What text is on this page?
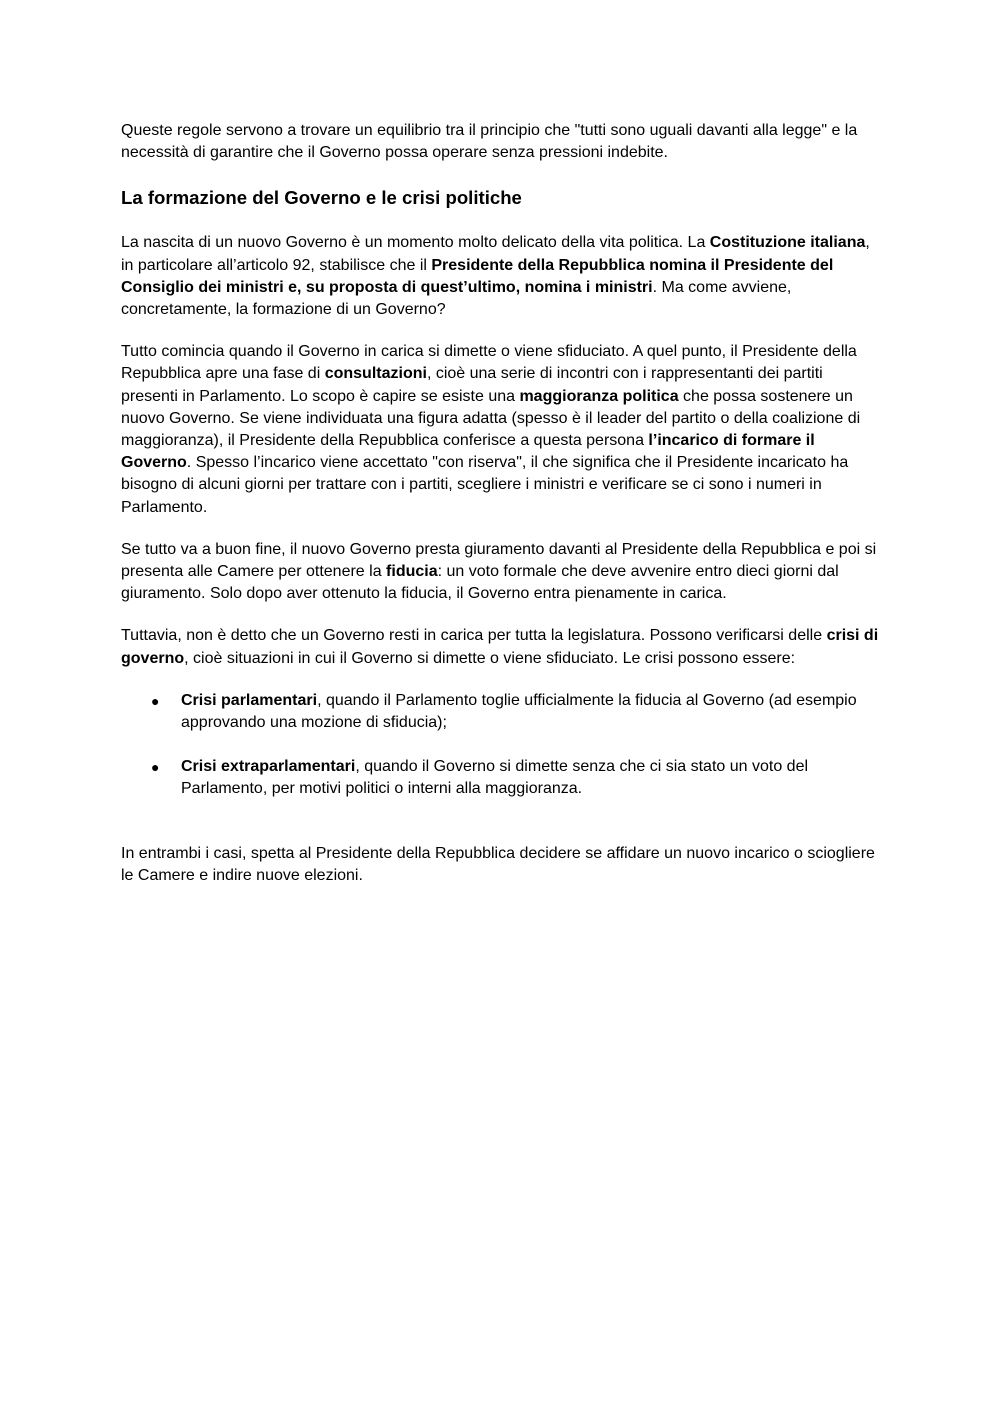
Queste regole servono a trovare un equilibrio tra il principio che "tutti sono uguali davanti alla legge" e la necessità di garantire che il Governo possa operare senza pressioni indebite.

La formazione del Governo e le crisi politiche

La nascita di un nuovo Governo è un momento molto delicato della vita politica. La Costituzione italiana, in particolare all’articolo 92, stabilisce che il Presidente della Repubblica nomina il Presidente del Consiglio dei ministri e, su proposta di quest’ultimo, nomina i ministri. Ma come avviene, concretamente, la formazione di un Governo?

Tutto comincia quando il Governo in carica si dimette o viene sfiduciato. A quel punto, il Presidente della Repubblica apre una fase di consultazioni, cioè una serie di incontri con i rappresentanti dei partiti presenti in Parlamento. Lo scopo è capire se esiste una maggioranza politica che possa sostenere un nuovo Governo. Se viene individuata una figura adatta (spesso è il leader del partito o della coalizione di maggioranza), il Presidente della Repubblica conferisce a questa persona l’incarico di formare il Governo. Spesso l’incarico viene accettato "con riserva", il che significa che il Presidente incaricato ha bisogno di alcuni giorni per trattare con i partiti, scegliere i ministri e verificare se ci sono i numeri in Parlamento.

Se tutto va a buon fine, il nuovo Governo presta giuramento davanti al Presidente della Repubblica e poi si presenta alle Camere per ottenere la fiducia: un voto formale che deve avvenire entro dieci giorni dal giuramento. Solo dopo aver ottenuto la fiducia, il Governo entra pienamente in carica.

Tuttavia, non è detto che un Governo resti in carica per tutta la legislatura. Possono verificarsi delle crisi di governo, cioè situazioni in cui il Governo si dimette o viene sfiduciato. Le crisi possono essere:

● Crisi parlamentari, quando il Parlamento toglie ufficialmente la fiducia al Governo (ad esempio approvando una mozione di sfiducia);
● Crisi extraparlamentari, quando il Governo si dimette senza che ci sia stato un voto del Parlamento, per motivi politici o interni alla maggioranza.

In entrambi i casi, spetta al Presidente della Repubblica decidere se affidare un nuovo incarico o sciogliere le Camere e indire nuove elezioni.
